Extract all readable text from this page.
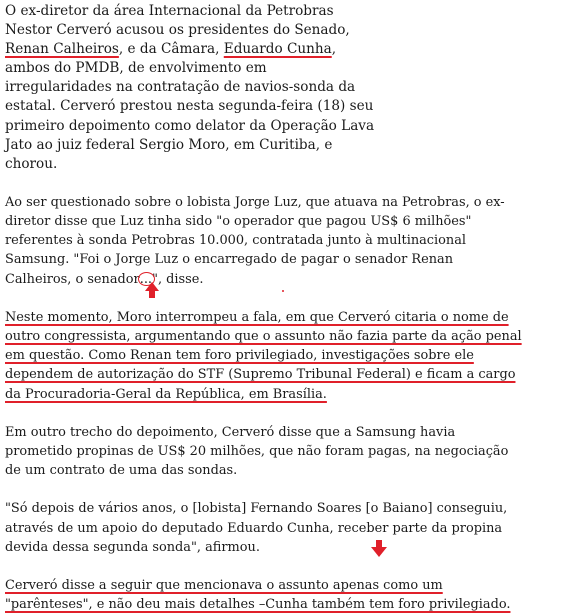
O ex-diretor da área Internacional da Petrobras
Nestor Cerveró acusou os presidentes do Senado,
Renan Calheiros, e da Câmara, Eduardo Cunha,
ambos do PMDB, de envolvimento em
irregularidades na contratação de navios-sonda da
estatal. Cerveró prestou nesta segunda-feira (18) seu
primeiro depoimento como delator da Operação Lava
Jato ao juiz federal Sergio Moro, em Curitiba, e
chorou.

Ao ser questionado sobre o lobista Jorge Luz, que atuava na Petrobras, o ex-
diretor disse que Luz tinha sido "o operador que pagou US$ 6 milhões"
referentes à sonda Petrobras 10.000, contratada junto à multinacional
Samsung. "Foi o Jorge Luz o encarregado de pagar o senador Renan
Calheiros, o senador
...", disse.

Neste momento, Moro interrompeu a fala, em que Cerveró citaria o nome de
outro congressista, argumentando que o assunto não fazia parte da ação penal
em questão. Como Renan tem foro privilegiado, investigações sobre ele
dependem de autorização do STF (Supremo Tribunal Federal) e ficam a cargo
da Procuradoria-Geral da República, em Brasília.

Em outro trecho do depoimento, Cerveró disse que a Samsung havia
prometido propinas de US$ 20 milhões, que não foram pagas, na negociação
de um contrato de uma das sondas.

"Só depois de vários anos, o [lobista] Fernando Soares [o Baiano] conseguiu,
através de um apoio do deputado Eduardo Cunha, receber parte da propina
devida dessa segunda sonda", afirmou.

Cerveró disse a seguir que mencionava o assunto apenas como um
"parênteses", e não deu mais detalhes –Cunha também tem foro privilegiado.
